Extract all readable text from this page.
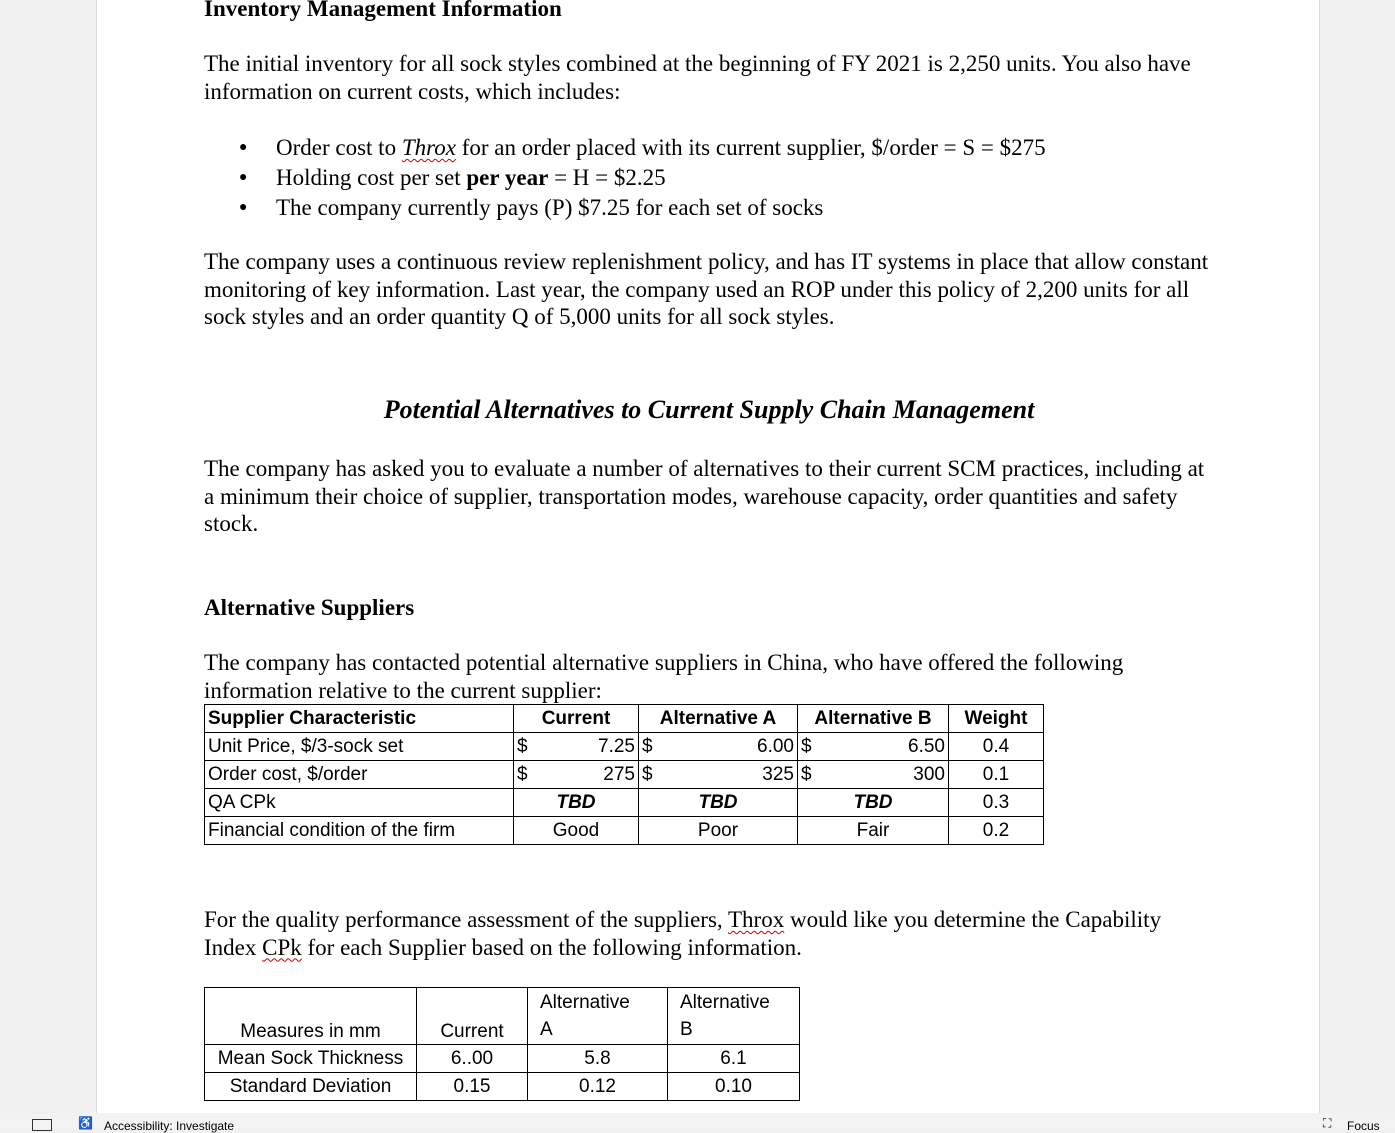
Inventory Management Information
The initial inventory for all sock styles combined at the beginning of FY 2021 is 2,250 units. You also have information on current costs, which includes:
● Order cost to Throx for an order placed with its current supplier, $/order = S = $275
● Holding cost per set per year = H = $2.25
● The company currently pays (P) $7.25 for each set of socks
The company uses a continuous review replenishment policy, and has IT systems in place that allow constant monitoring of key information. Last year, the company used an ROP under this policy of 2,200 units for all sock styles and an order quantity Q of 5,000 units for all sock styles.
Potential Alternatives to Current Supply Chain Management
The company has asked you to evaluate a number of alternatives to their current SCM practices, including at a minimum their choice of supplier, transportation modes, warehouse capacity, order quantities and safety stock.
Alternative Suppliers
The company has contacted potential alternative suppliers in China, who have offered the following information relative to the current supplier:
Supplier Characteristic	Current		Alternative A		Alternative B		Weight
Unit Price, $/3-sock set	$	7.25	$	6.00	$	6.50	0.4
Order cost, $/order	$	275	$	325	$	300	0.1
QA CPk	TBD		TBD		TBD		0.3
Financial condition of the firm	Good		Poor		Fair		0.2
For the quality performance assessment of the suppliers, Throx would like you determine the Capability Index CPk for each Supplier based on the following information.
Measures in mm	Current	Alternative A	Alternative B
Mean Sock Thickness	6..00	5.8	6.1
Standard Deviation	0.15	0.12	0.10
♿ Accessibility: Investigate	⛶ Focus
